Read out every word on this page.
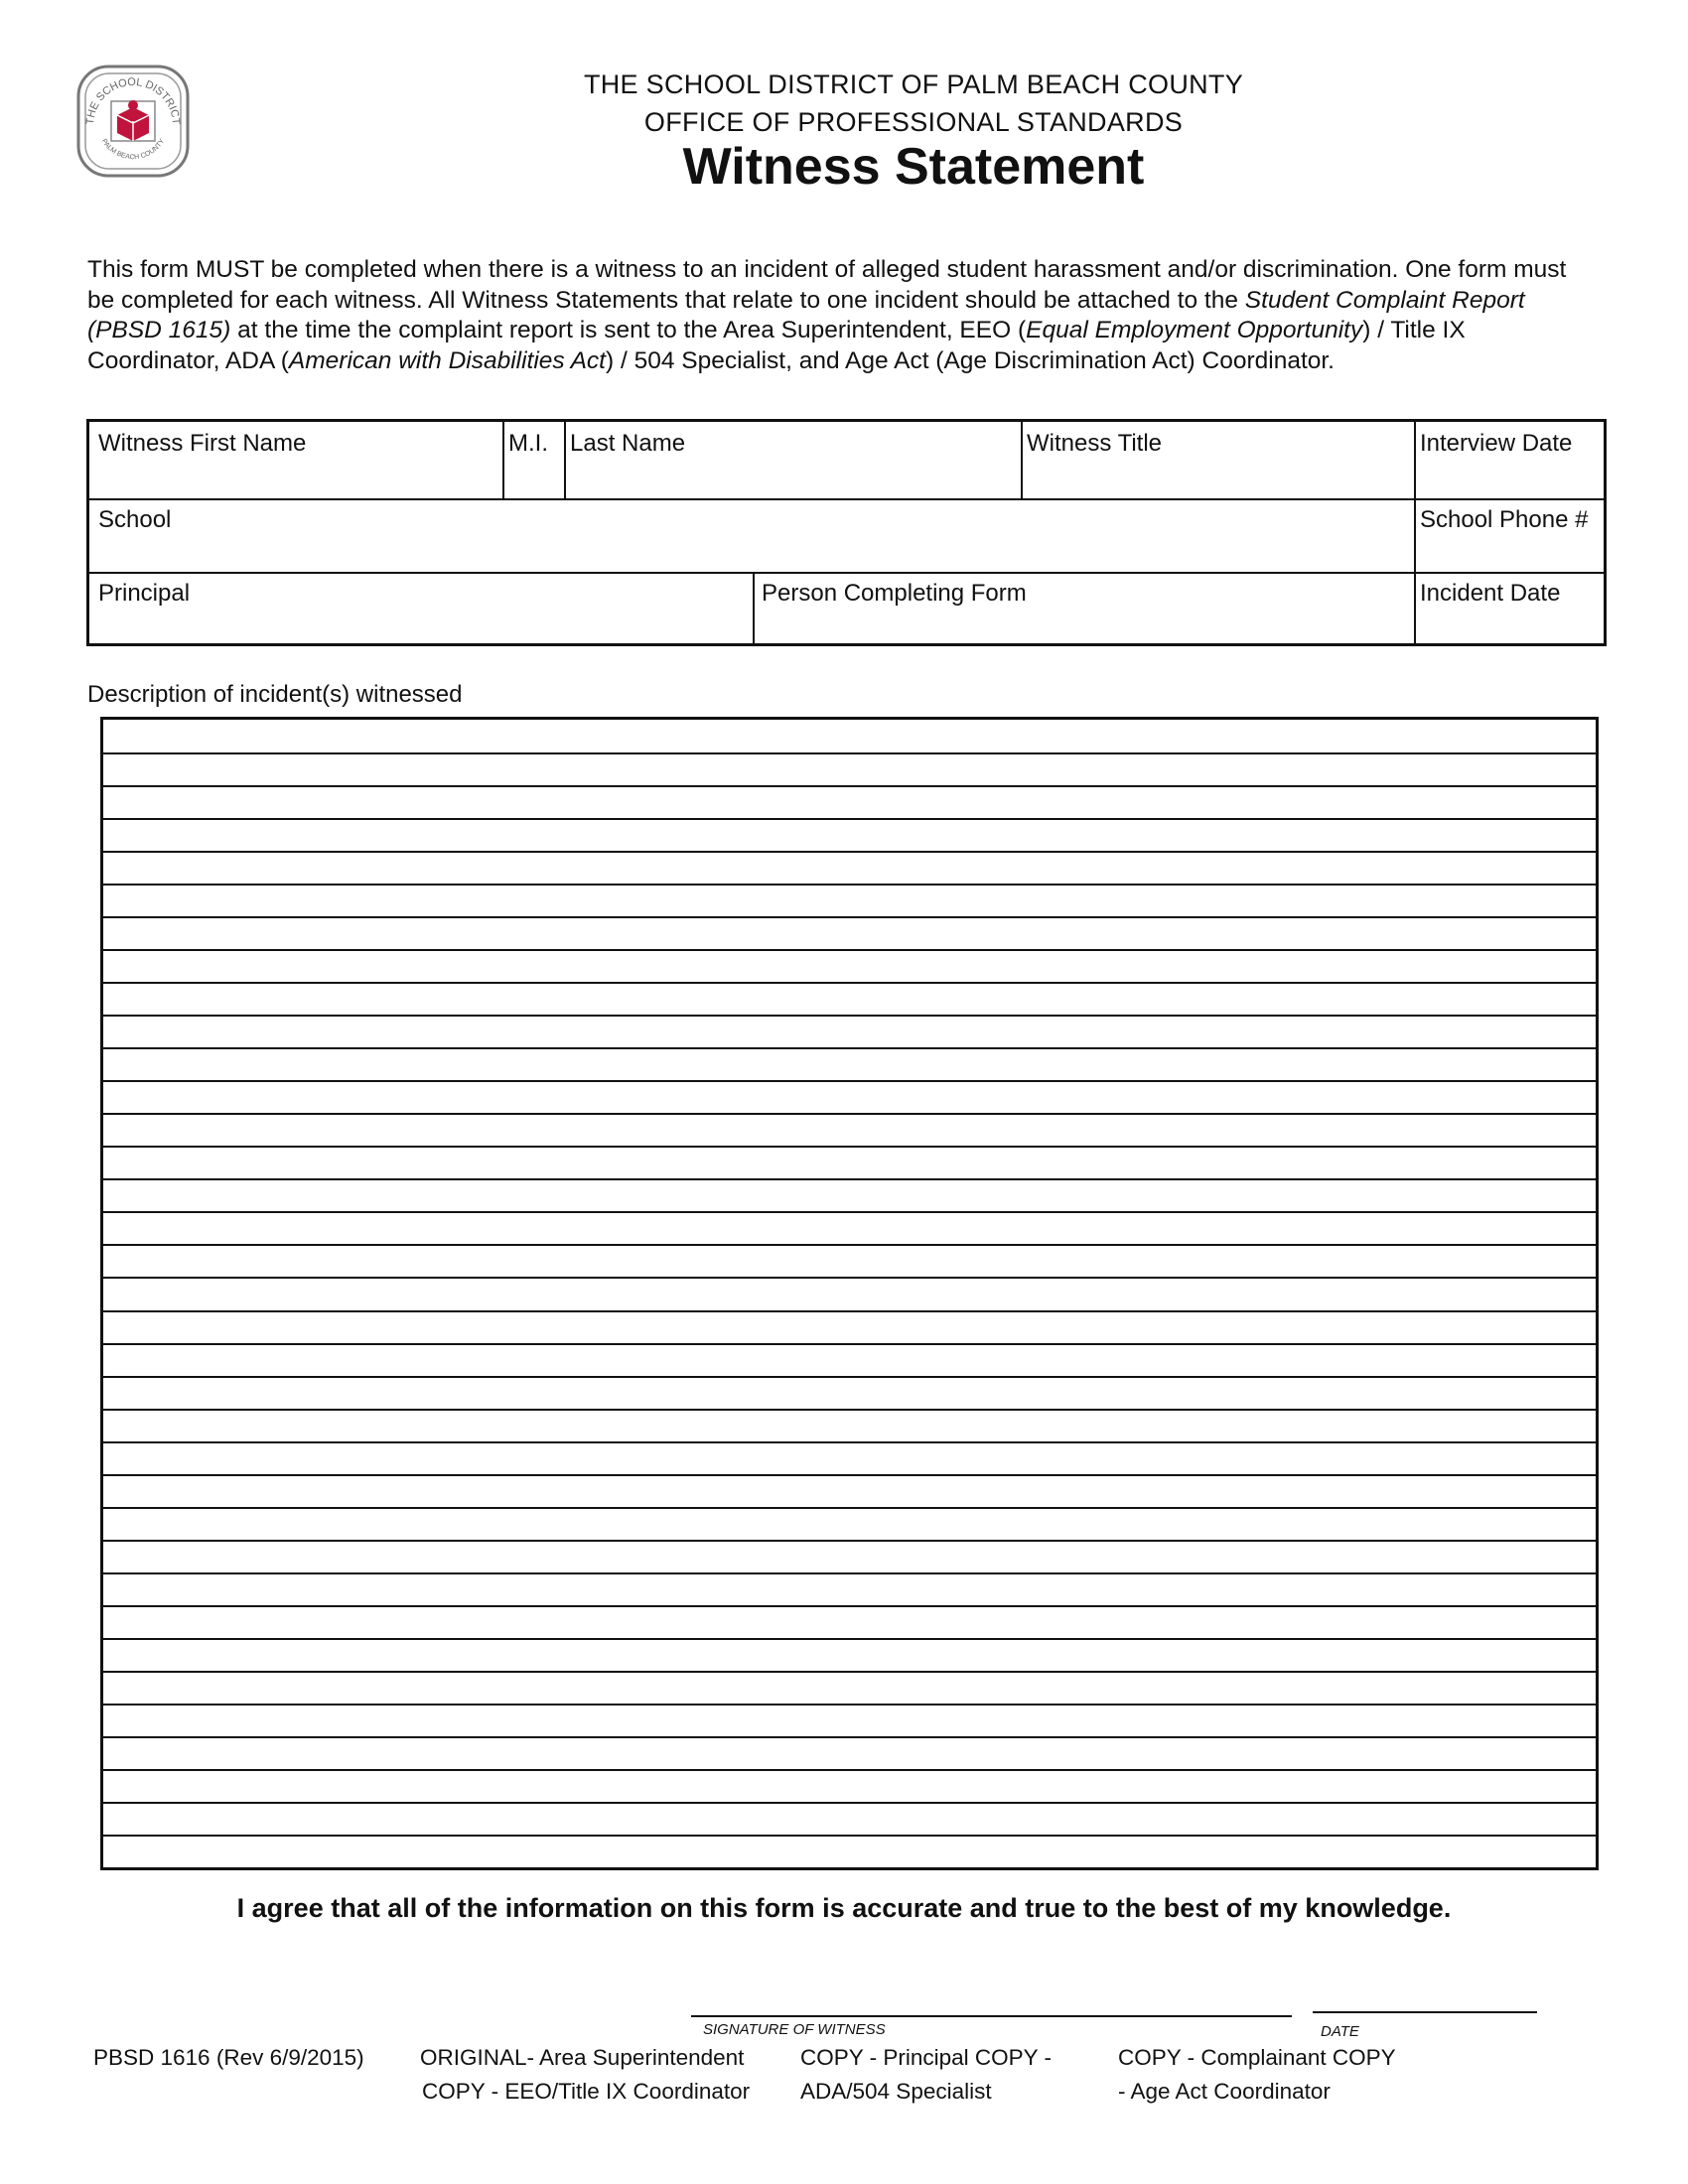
THE SCHOOL DISTRICT
PALM BEACH COUNTY
THE SCHOOL DISTRICT OF PALM BEACH COUNTY
OFFICE OF PROFESSIONAL STANDARDS
Witness Statement
This form MUST be completed when there is a witness to an incident of alleged student harassment and/or discrimination. One form must be completed for each witness. All Witness Statements that relate to one incident should be attached to the Student Complaint Report (PBSD 1615) at the time the complaint report is sent to the Area Superintendent, EEO (Equal Employment Opportunity) / Title IX Coordinator, ADA (American with Disabilities Act) / 504 Specialist, and Age Act (Age Discrimination Act) Coordinator.
Witness First Name	M.I. Last Name	Witness Title	Interview Date
School	School Phone #
Principal	Person Completing Form	Incident Date
Description of incident(s) witnessed
I agree that all of the information on this form is accurate and true to the best of my knowledge.
SIGNATURE OF WITNESS	DATE
PBSD 1616 (Rev 6/9/2015)	ORIGINAL- Area Superintendent
COPY - EEO/Title IX Coordinator
COPY - Principal COPY -
ADA/504 Specialist
COPY - Complainant COPY
- Age Act Coordinator
